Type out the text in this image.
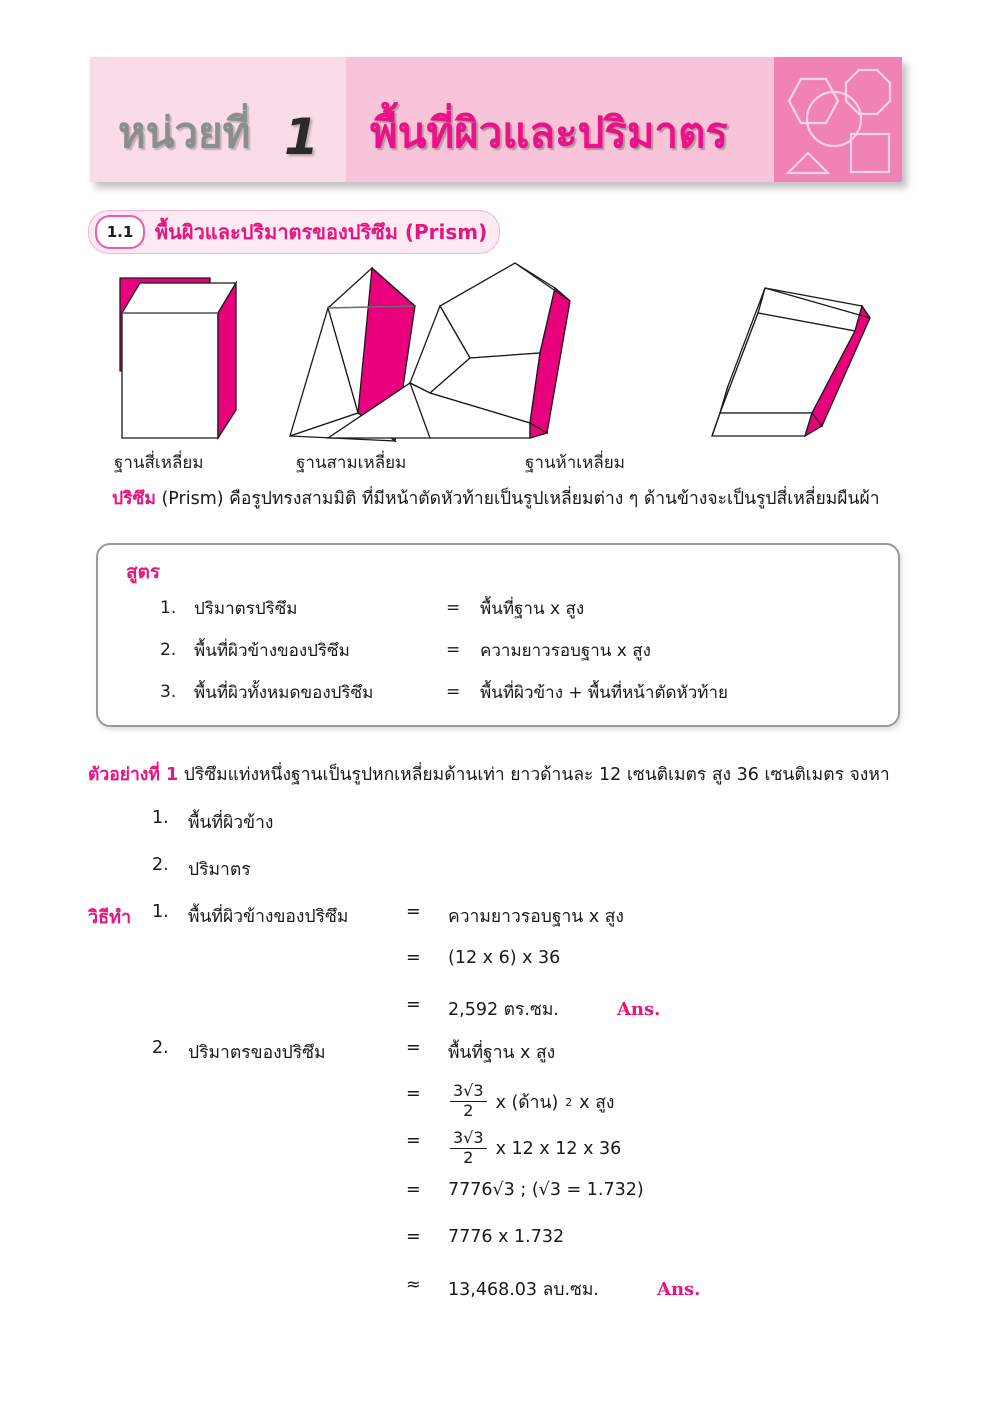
หน่วยที่ 1 พื้นที่ผิวและปริมาตร
1.1	พื้นผิวและปริมาตรของปริซึม (Prism)
ฐานสี่เหลี่ยม	ฐานสามเหลี่ยม	ฐานห้าเหลี่ยม
ปริซึม (Prism) คือรูปทรงสามมิติ ที่มีหน้าตัดหัวท้ายเป็นรูปเหลี่ยมต่าง ๆ ด้านข้างจะเป็นรูปสี่เหลี่ยมผืนผ้า
สูตร
1.	ปริมาตรปริซึม	=	พื้นที่ฐาน x สูง
2.	พื้นที่ผิวข้างของปริซึม	=	ความยาวรอบฐาน x สูง
3.	พื้นที่ผิวทั้งหมดของปริซึม	=	พื้นที่ผิวข้าง + พื้นที่หน้าตัดหัวท้าย
ตัวอย่างที่ 1 ปริซึมแท่งหนึ่งฐานเป็นรูปหกเหลี่ยมด้านเท่า ยาวด้านละ 12 เซนติเมตร สูง 36 เซนติเมตร จงหา
1.	พื้นที่ผิวข้าง
2.	ปริมาตร
วิธีทำ 1.	พื้นที่ผิวข้างของปริซึม	=	ความยาวรอบฐาน x สูง
=	(12 x 6) x 36
=	2,592 ตร.ซม.	Ans.
2.	ปริมาตรของปริซึม	=	พื้นที่ฐาน x สูง
=	$\frac{3√3}{2}$ x (ด้าน) 2 x สูง
=	$\frac{3√3}{2}$ x 12 x 12 x 36
=	7776√3 ; (√3 = 1.732)
=	7776 x 1.732
≈	13,468.03 ลบ.ซม.	Ans.
